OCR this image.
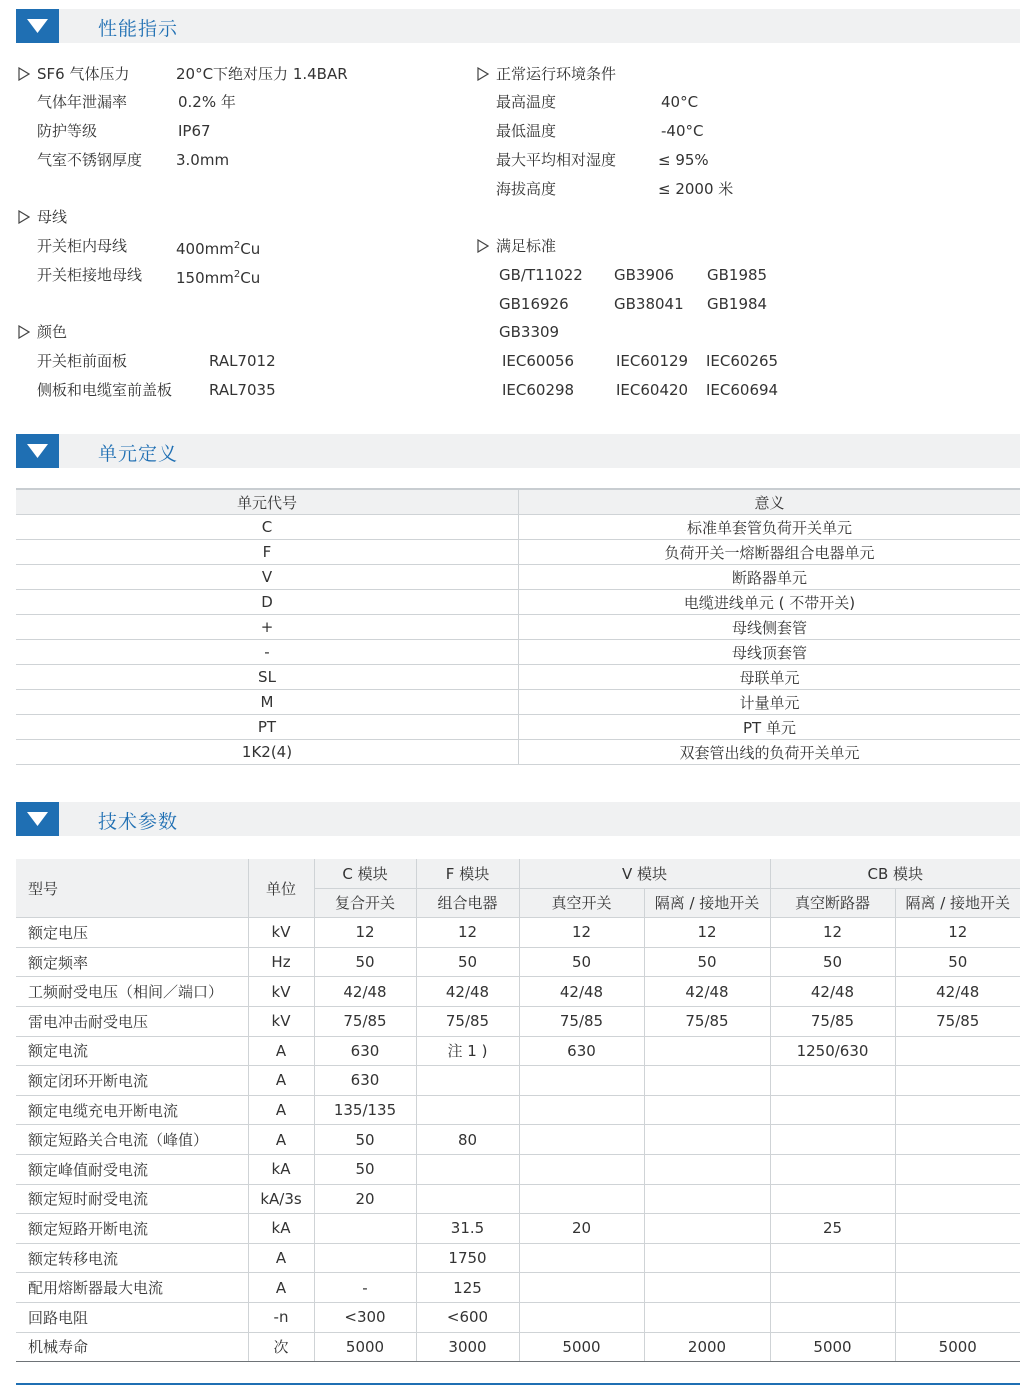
性能指示
SF6 气体压力	20°C下绝对压力 1.4BAR
气体年泄漏率	0.2% 年
防护等级	IP67
气室不锈钢厚度 3.0mm
母线
开关柜内母线	$400mm^2Cu$
开关柜接地母线 $150mm^2Cu$
颜色
开关柜前面板	RAL7012
侧板和电缆室前盖板 RAL7035
正常运行环境条件
最高温度	40°C
最低温度	-40°C
最大平均相对湿度	≤ 95%
海拔高度	≤ 2000 米
满足标准
GB/T11022 GB3906 GB1985
GB16926	GB38041 GB1984
GB3309
IEC60056	IEC60129 IEC60265
IEC60298	IEC60420 IEC60694
单元定义
单元代号	意义
C	标准单套管负荷开关单元
F	负荷开关一熔断器组合电器单元
V	断路器单元
D	电缆进线单元 ( 不带开关)
+	母线侧套管
-	母线顶套管
SL	母联单元
M	计量单元
PT	PT 单元
1K2(4)	双套管出线的负荷开关单元
技术参数
型号	单位	C 模块	F 模块	V 模块		CB 模块	
		复合开关	组合电器	真空开关	隔离 / 接地开关	真空断路器	隔离 / 接地开关
额定电压	kV	12	12	12	12	12	12
额定频率	Hz	50	50	50	50	50	50
工频耐受电压（相间／端口）	kV	42/48	42/48	42/48	42/48	42/48	42/48
雷电冲击耐受电压	kV	75/85	75/85	75/85	75/85	75/85	75/85
额定电流	A	630	注 1 )	630		1250/630	
额定闭环开断电流	A	630					
额定电缆充电开断电流	A	135/135					
额定短路关合电流（峰值）	A	50	80				
额定峰值耐受电流	kA	50					
额定短时耐受电流	kA/3s	20					
额定短路开断电流	kA		31.5	20		25	
额定转移电流	A		1750				
配用熔断器最大电流	A	-	125				
回路电阻	-n	<300	<600				
机械寿命	次	5000	3000	5000	2000	5000	5000
